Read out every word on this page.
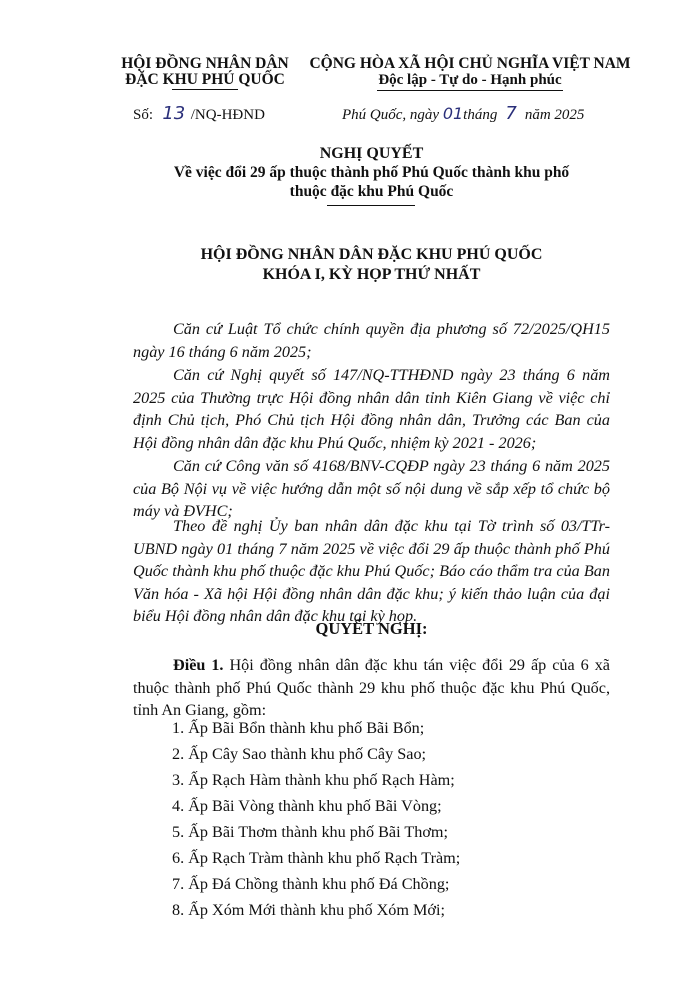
HỘI ĐỒNG NHÂN DÂN
ĐẶC KHU PHÚ QUỐC
CỘNG HÒA XÃ HỘI CHỦ NGHĨA VIỆT NAM
Độc lập - Tự do - Hạnh phúc
Số: 13 /NQ-HĐND	Phú Quốc, ngày 01tháng 7 năm 2025
NGHỊ QUYẾT
Về việc đổi 29 ấp thuộc thành phố Phú Quốc thành khu phố
thuộc đặc khu Phú Quốc
HỘI ĐỒNG NHÂN DÂN ĐẶC KHU PHÚ QUỐC
KHÓA I, KỲ HỌP THỨ NHẤT
Căn cứ Luật Tổ chức chính quyền địa phương số 72/2025/QH15 ngày 16 tháng 6 năm 2025;
Căn cứ Nghị quyết số 147/NQ-TTHĐND ngày 23 tháng 6 năm 2025 của Thường trực Hội đồng nhân dân tỉnh Kiên Giang về việc chỉ định Chủ tịch, Phó Chủ tịch Hội đồng nhân dân, Trưởng các Ban của Hội đồng nhân dân đặc khu Phú Quốc, nhiệm kỳ 2021 - 2026;
Căn cứ Công văn số 4168/BNV-CQĐP ngày 23 tháng 6 năm 2025 của Bộ Nội vụ về việc hướng dẫn một số nội dung về sắp xếp tổ chức bộ máy và ĐVHC;
Theo đề nghị Ủy ban nhân dân đặc khu tại Tờ trình số 03/TTr-UBND ngày 01 tháng 7 năm 2025 về việc đổi 29 ấp thuộc thành phố Phú Quốc thành khu phố thuộc đặc khu Phú Quốc; Báo cáo thẩm tra của Ban Văn hóa - Xã hội Hội đồng nhân dân đặc khu; ý kiến thảo luận của đại biểu Hội đồng nhân dân đặc khu tại kỳ họp.
QUYẾT NGHỊ:
Điều 1. Hội đồng nhân dân đặc khu tán việc đổi 29 ấp của 6 xã thuộc thành phố Phú Quốc thành 29 khu phố thuộc đặc khu Phú Quốc, tỉnh An Giang, gồm:
1. Ấp Bãi Bổn thành khu phố Bãi Bổn;
2. Ấp Cây Sao thành khu phố Cây Sao;
3. Ấp Rạch Hàm thành khu phố Rạch Hàm;
4. Ấp Bãi Vòng thành khu phố Bãi Vòng;
5. Ấp Bãi Thơm thành khu phố Bãi Thơm;
6. Ấp Rạch Tràm thành khu phố Rạch Tràm;
7. Ấp Đá Chồng thành khu phố Đá Chồng;
8. Ấp Xóm Mới thành khu phố Xóm Mới;
